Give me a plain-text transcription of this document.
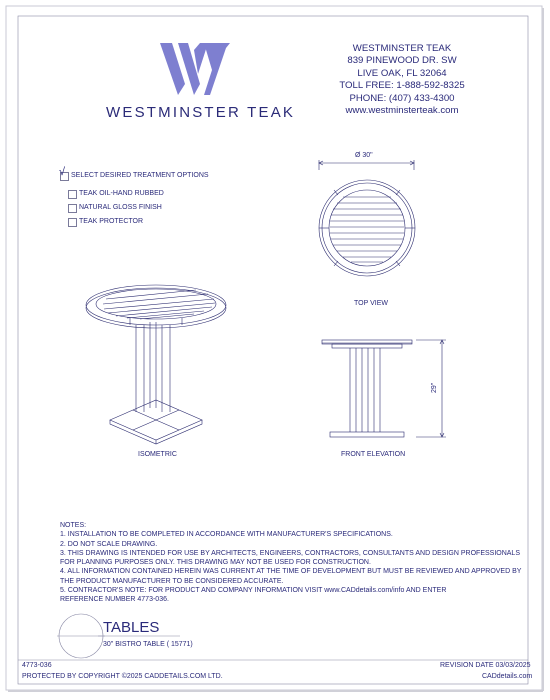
WESTMINSTER TEAK
WESTMINSTER TEAK
839 PINEWOOD DR. SW
LIVE OAK, FL 32064
TOLL FREE: 1-888-592-8325
PHONE: (407) 433-4300
www.westminsterteak.com
√ SELECT DESIRED TREATMENT OPTIONS
TEAK OIL-HAND RUBBED
NATURAL GLOSS FINISH
TEAK PROTECTOR
Ø 30"
TOP VIEW
ISOMETRIC	FRONT ELEVATION
29"
NOTES:
1. INSTALLATION TO BE COMPLETED IN ACCORDANCE WITH MANUFACTURER'S SPECIFICATIONS.
2. DO NOT SCALE DRAWING.
3. THIS DRAWING IS INTENDED FOR USE BY ARCHITECTS, ENGINEERS, CONTRACTORS, CONSULTANTS AND DESIGN PROFESSIONALS
FOR PLANNING PURPOSES ONLY. THIS DRAWING MAY NOT BE USED FOR CONSTRUCTION.
4. ALL INFORMATION CONTAINED HEREIN WAS CURRENT AT THE TIME OF DEVELOPMENT BUT MUST BE REVIEWED AND APPROVED BY
THE PRODUCT MANUFACTURER TO BE CONSIDERED ACCURATE.
5. CONTRACTOR'S NOTE: FOR PRODUCT AND COMPANY INFORMATION VISIT www.CADdetails.com/info AND ENTER
REFERENCE NUMBER 4773-036.
TABLES
30" BISTRO TABLE ( 15771)
4773-036	REVISION DATE 03/03/2025
PROTECTED BY COPYRIGHT ©2025 CADDETAILS.COM LTD.	CADdetails.com
